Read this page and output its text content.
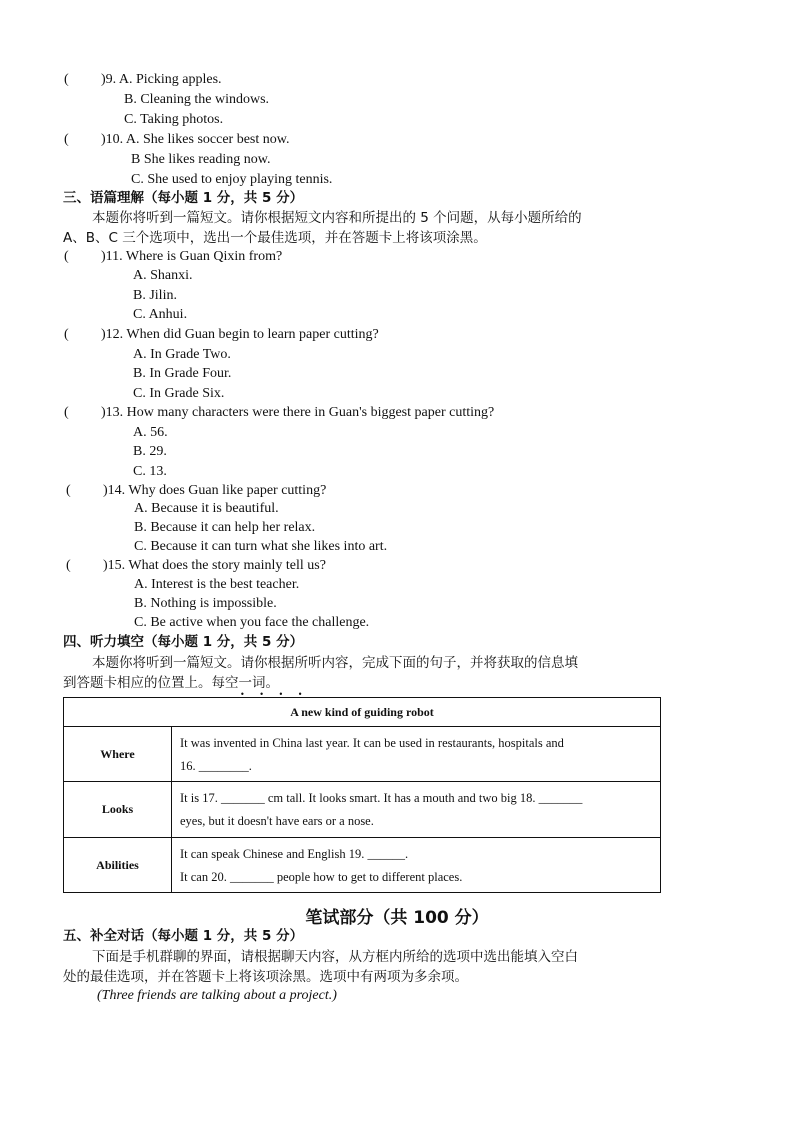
( )9. A. Picking apples.
B. Cleaning the windows.
C. Taking photos.
( )10. A. She likes soccer best now.
B She likes reading now.
C. She used to enjoy playing tennis.
三、语篇理解（每小题 1 分，共 5 分）
本题你将听到一篇短文。请你根据短文内容和所提出的 5 个问题，从每小题所给的
A、B、C 三个选项中，选出一个最佳选项，并在答题卡上将该项涂黑。
( )11. Where is Guan Qixin from?
A. Shanxi.
B. Jilin.
C. Anhui.
( )12. When did Guan begin to learn paper cutting?
A. In Grade Two.
B. In Grade Four.
C. In Grade Six.
( )13. How many characters were there in Guan's biggest paper cutting?
A. 56.
B. 29.
C. 13.
( )14. Why does Guan like paper cutting?
A. Because it is beautiful.
B. Because it can help her relax.
C. Because it can turn what she likes into art.
( )15. What does the story mainly tell us?
A. Interest is the best teacher.
B. Nothing is impossible.
C. Be active when you face the challenge.
四、听力填空（每小题 1 分，共 5 分）
本题你将听到一篇短文。请你根据所听内容，完成下面的句子，并将获取的信息填
到答题卡相应的位置上。每空一词。
• • • •
A new kind of guiding robot
Where
It was invented in China last year. It can be used in restaurants, hospitals and
16. ________.
Looks
It is 17. _______ cm tall. It looks smart. It has a mouth and two big 18. _______
eyes, but it doesn't have ears or a nose.
Abilities
It can speak Chinese and English 19. ______.
It can 20. _______ people how to get to different places.
笔试部分（共 100 分）
五、补全对话（每小题 1 分，共 5 分）
下面是手机群聊的界面，请根据聊天内容，从方框内所给的选项中选出能填入空白
处的最佳选项，并在答题卡上将该项涂黑。选项中有两项为多余项。
(Three friends are talking about a project.)
